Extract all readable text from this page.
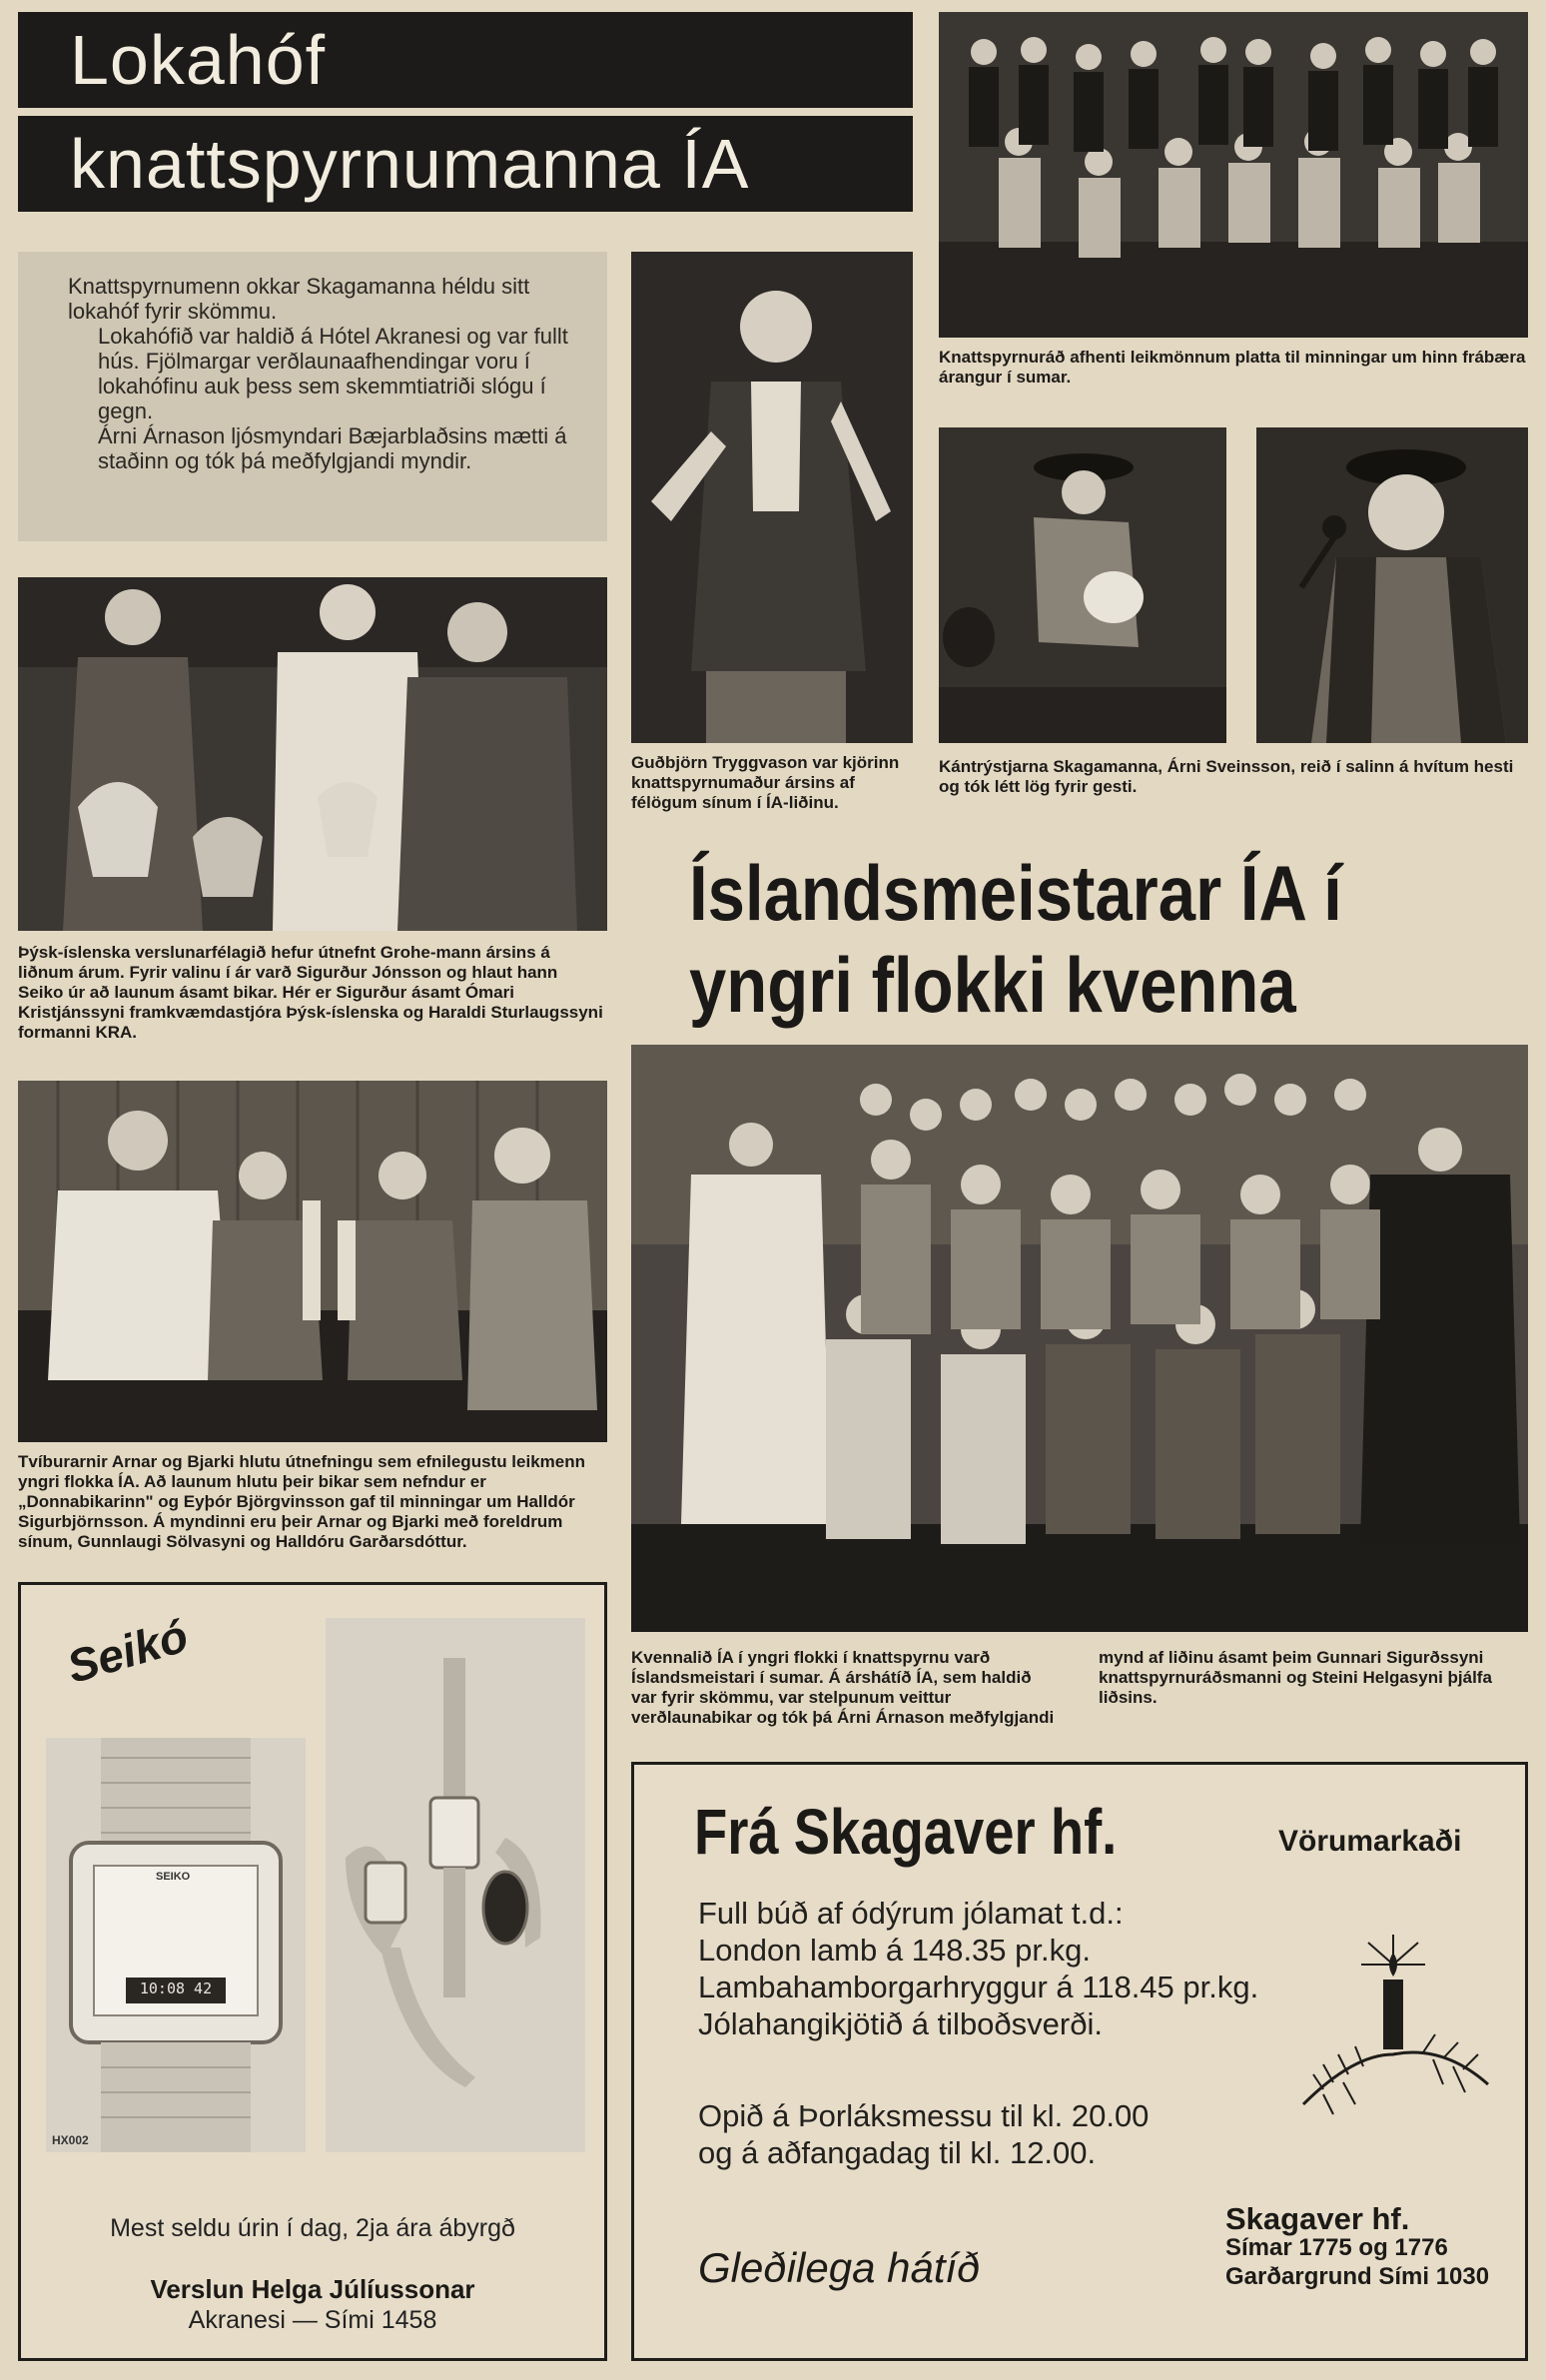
Lokahóf
knattspyrnumanna ÍA

Knattspyrnuráð afhenti leikmönnum platta til minningar um hinn frábæra árangur í sumar.

Knattspyrnumenn okkar Skagamanna héldu sitt lokahóf fyrir skömmu.

Lokahófið var haldið á Hótel Akranesi og var fullt hús. Fjölmargar verðlaunaafhendingar voru í lokahófinu auk þess sem skemmtiatriði slógu í gegn.

Árni Árnason ljósmyndari Bæjarblaðsins mætti á staðinn og tók þá meðfylgjandi myndir.

Guðbjörn Tryggvason var kjörinn knattspyrnumaður ársins af félögum sínum í ÍA-liðinu.

Kántrýstjarna Skagamanna, Árni Sveinsson, reið í salinn á hvítum hesti og tók létt lög fyrir gesti.

Þýsk-íslenska verslunarfélagið hefur útnefnt Grohe-mann ársins á liðnum árum. Fyrir valinu í ár varð Sigurður Jónsson og hlaut hann Seiko úr að launum ásamt bikar. Hér er Sigurður ásamt Ómari Kristjánssyni framkvæmdastjóra Þýsk-íslenska og Haraldi Sturlaugssyni formanni KRA.

Tvíburarnir Arnar og Bjarki hlutu útnefningu sem efnilegustu leikmenn yngri flokka ÍA. Að launum hlutu þeir bikar sem nefndur er „Donnabikarinn" og Eyþór Björgvinsson gaf til minningar um Halldór Sigurbjörnsson. Á myndinni eru þeir Arnar og Bjarki með foreldrum sínum, Gunnlaugi Sölvasyni og Halldóru Garðarsdóttur.

Íslandsmeistarar ÍA í

yngri flokki kvenna

Kvennalið ÍA í yngri flokki í knattspyrnu varð Íslandsmeistari í sumar. Á árshátíð ÍA, sem haldið var fyrir skömmu, var stelpunum veittur verðlaunabikar og tók þá Árni Árnason meðfylgjandi

mynd af liðinu ásamt þeim Gunnari Sigurðssyni knattspyrnuráðsmanni og Steini Helgasyni þjálfa liðsins.

Seikó
SEIKO
10:08 42
HX002
Mest seldu úrin í dag, 2ja ára ábyrgð
Verslun Helga Júlíussonar
Akranesi — Sími 1458
Frá Skagaver hf.	Vörumarkaði
Full búð af ódýrum jólamat t.d.:
London lamb á 148.35 pr.kg.
Lambahamborgarhryggur á 118.45 pr.kg.
Jólahangikjötið á tilboðsverði.
Opið á Þorláksmessu til kl. 20.00
og á aðfangadag til kl. 12.00.
Gleðilega hátíð
Skagaver hf.
Símar 1775 og 1776
Garðargrund Sími 1030
